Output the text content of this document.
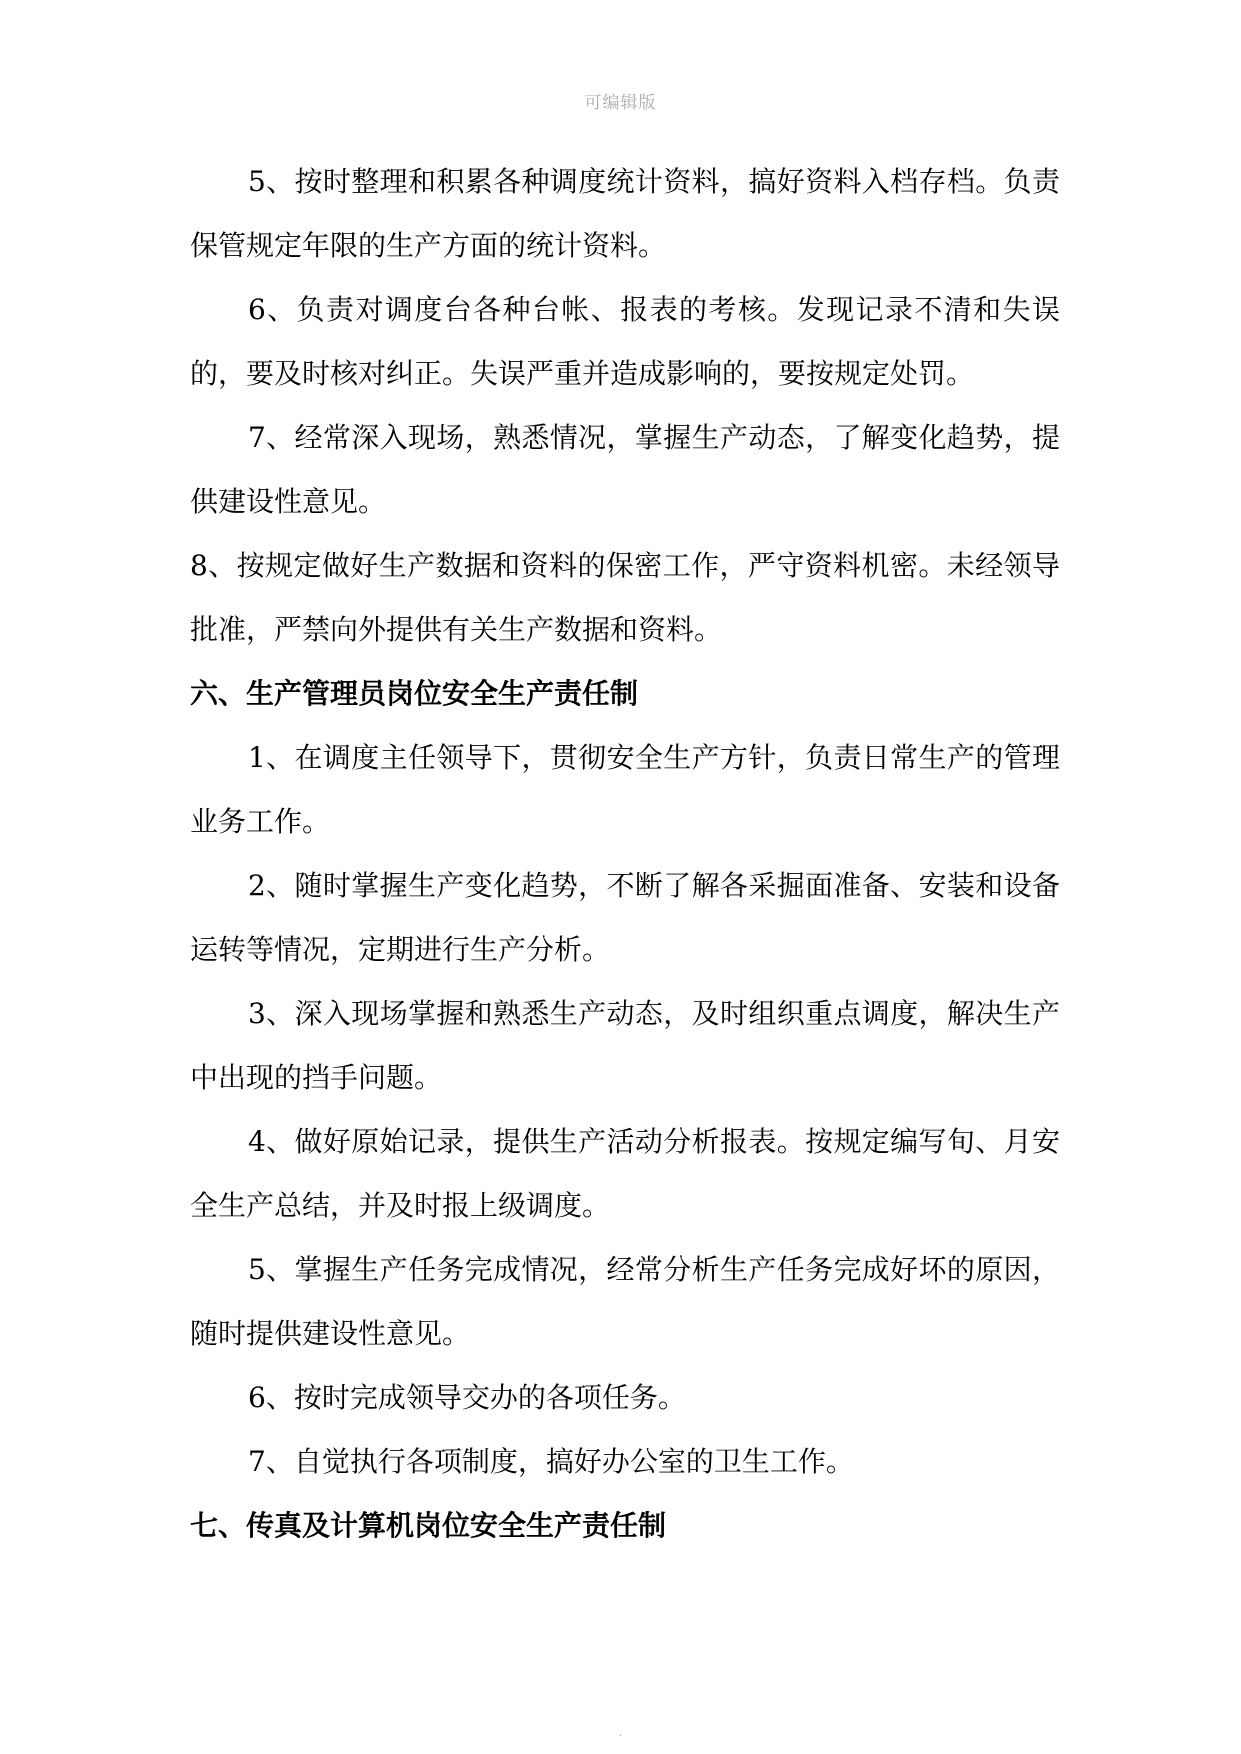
可编辑版

5、按时整理和积累各种调度统计资料，搞好资料入档存档。负责保管规定年限的生产方面的统计资料。

6、负责对调度台各种台帐、报表的考核。发现记录不清和失误的，要及时核对纠正。失误严重并造成影响的，要按规定处罚。

7、经常深入现场，熟悉情况，掌握生产动态，了解变化趋势，提供建设性意见。

8、按规定做好生产数据和资料的保密工作，严守资料机密。未经领导批准，严禁向外提供有关生产数据和资料。

六、生产管理员岗位安全生产责任制

1、在调度主任领导下，贯彻安全生产方针，负责日常生产的管理业务工作。

2、随时掌握生产变化趋势，不断了解各采掘面准备、安装和设备运转等情况，定期进行生产分析。

3、深入现场掌握和熟悉生产动态，及时组织重点调度，解决生产中出现的挡手问题。

4、做好原始记录，提供生产活动分析报表。按规定编写旬、月安全生产总结，并及时报上级调度。

5、掌握生产任务完成情况，经常分析生产任务完成好坏的原因，随时提供建设性意见。

6、按时完成领导交办的各项任务。

7、自觉执行各项制度，搞好办公室的卫生工作。

七、传真及计算机岗位安全生产责任制
.
